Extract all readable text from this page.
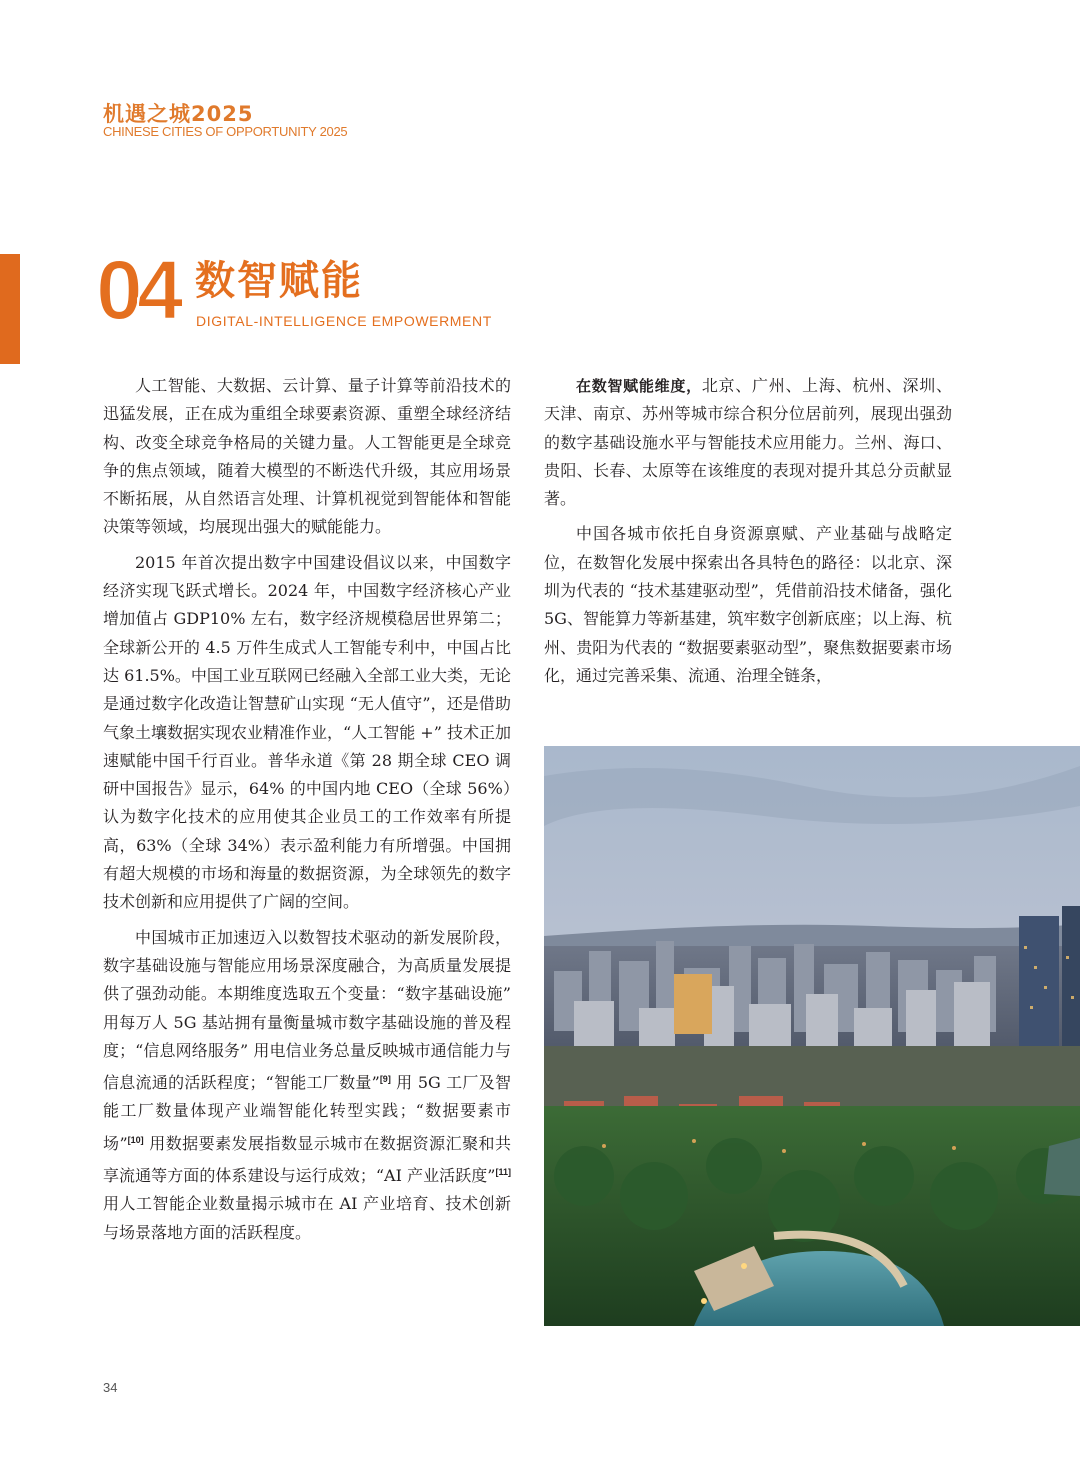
机遇之城2025
CHINESE CITIES OF OPPORTUNITY 2025
04 数智赋能
DIGITAL-INTELLIGENCE EMPOWERMENT

人工智能、大数据、云计算、量子计算等前沿技术的迅猛发展，正在成为重组全球要素资源、重塑全球经济结构、改变全球竞争格局的关键力量。人工智能更是全球竞争的焦点领域，随着大模型的不断迭代升级，其应用场景不断拓展，从自然语言处理、计算机视觉到智能体和智能决策等领域，均展现出强大的赋能能力。

2015 年首次提出数字中国建设倡议以来，中国数字经济实现飞跃式增长。2024 年，中国数字经济核心产业增加值占 GDP10% 左右，数字经济规模稳居世界第二；全球新公开的 4.5 万件生成式人工智能专利中，中国占比达 61.5%。中国工业互联网已经融入全部工业大类，无论是通过数字化改造让智慧矿山实现 “无人值守”，还是借助气象土壤数据实现农业精准作业，“人工智能 +” 技术正加速赋能中国千行百业。普华永道《第 28 期全球 CEO 调研中国报告》显示，64% 的中国内地 CEO（全球 56%）认为数字化技术的应用使其企业员工的工作效率有所提高，63%（全球 34%）表示盈利能力有所增强。中国拥有超大规模的市场和海量的数据资源，为全球领先的数字技术创新和应用提供了广阔的空间。

中国城市正加速迈入以数智技术驱动的新发展阶段，数字基础设施与智能应用场景深度融合，为高质量发展提供了强劲动能。本期维度选取五个变量：“数字基础设施” 用每万人 5G 基站拥有量衡量城市数字基础设施的普及程度；“信息网络服务” 用电信业务总量反映城市通信能力与信息流通的活跃程度；“智能工厂数量”[9] 用 5G 工厂及智能工厂数量体现产业端智能化转型实践；“数据要素市场”[10] 用数据要素发展指数显示城市在数据资源汇聚和共享流通等方面的体系建设与运行成效；“AI 产业活跃度”[11] 用人工智能企业数量揭示城市在 AI 产业培育、技术创新与场景落地方面的活跃程度。

在数智赋能维度，北京、广州、上海、杭州、深圳、天津、南京、苏州等城市综合积分位居前列，展现出强劲的数字基础设施水平与智能技术应用能力。兰州、海口、贵阳、长春、太原等在该维度的表现对提升其总分贡献显著。

中国各城市依托自身资源禀赋、产业基础与战略定位，在数智化发展中探索出各具特色的路径：以北京、深圳为代表的 “技术基建驱动型”，凭借前沿技术储备，强化 5G、智能算力等新基建，筑牢数字创新底座；以上海、杭州、贵阳为代表的 “数据要素驱动型”，聚焦数据要素市场化，通过完善采集、流通、治理全链条，

34
